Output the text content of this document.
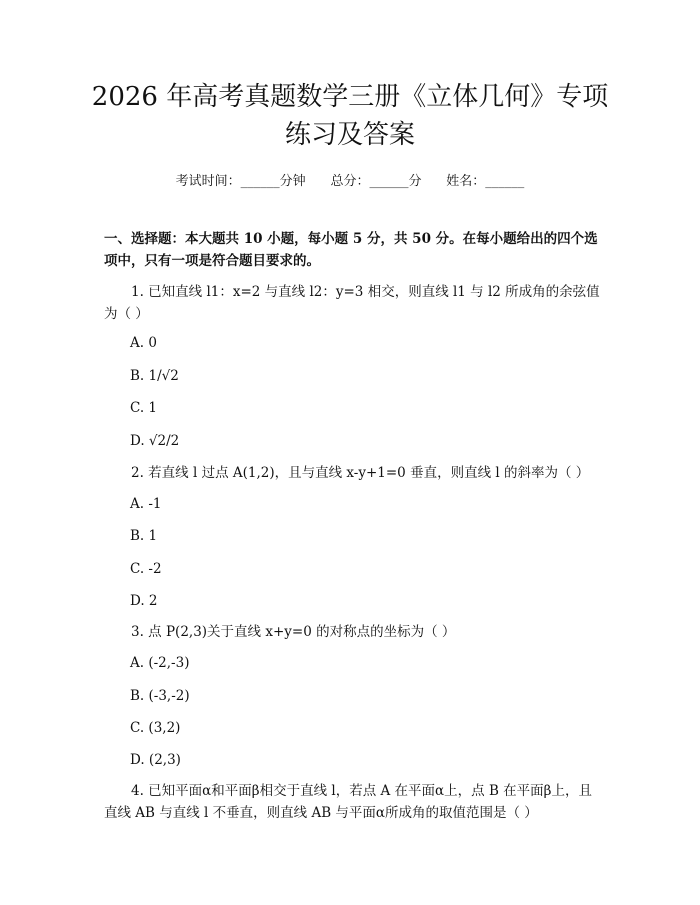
2026 年高考真题数学三册《立体几何》专项
练习及答案
考试时间：______分钟 总分：______分 姓名：______

一、选择题：本大题共 10 小题，每小题 5 分，共 50 分。在每小题给出的四个选项中，只有一项是符合题目要求的。

1. 已知直线 l1：x=2 与直线 l2：y=3 相交，则直线 l1 与 l2 所成角的余弦值为（ ）

A. 0

B. 1/√2

C. 1

D. √2/2

2. 若直线 l 过点 A(1,2)，且与直线 x-y+1=0 垂直，则直线 l 的斜率为（ ）

A. -1

B. 1

C. -2

D. 2

3. 点 P(2,3)关于直线 x+y=0 的对称点的坐标为（ ）

A. (-2,-3)

B. (-3,-2)

C. (3,2)

D. (2,3)

4. 已知平面α和平面β相交于直线 l，若点 A 在平面α上，点 B 在平面β上，且直线 AB 与直线 l 不垂直，则直线 AB 与平面α所成角的取值范围是（ ）
